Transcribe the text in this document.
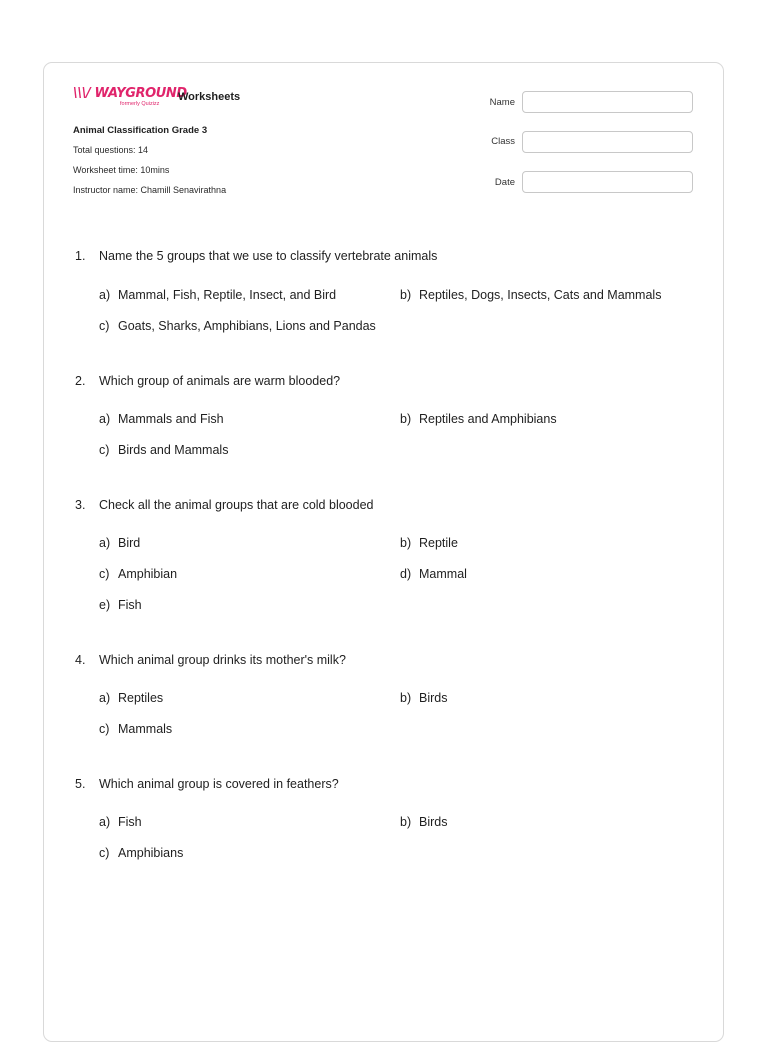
\\\/ WAYGROUND
formerly Quizizz
Worksheets
Animal Classification Grade 3
Total questions: 14
Worksheet time: 10mins
Instructor name: Chamill Senavirathna
Name
Class
Date
1. Name the 5 groups that we use to classify vertebrate animals
a) Mammal, Fish, Reptile, Insect, and Bird	b) Reptiles, Dogs, Insects, Cats and Mammals
c) Goats, Sharks, Amphibians, Lions and Pandas
2. Which group of animals are warm blooded?
a) Mammals and Fish	b) Reptiles and Amphibians
c) Birds and Mammals
3. Check all the animal groups that are cold blooded
a) Bird	b) Reptile
c) Amphibian	d) Mammal
e) Fish
4. Which animal group drinks its mother's milk?
a) Reptiles	b) Birds
c) Mammals
5. Which animal group is covered in feathers?
a) Fish	b) Birds
c) Amphibians
